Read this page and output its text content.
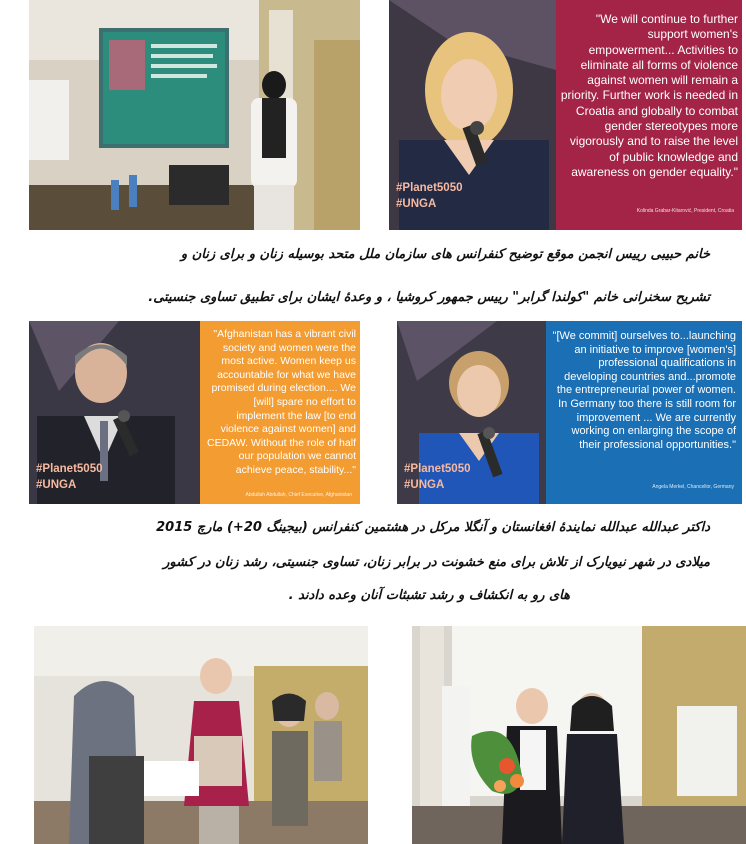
"We will continue to further support women's empowerment... Activities to eliminate all forms of violence against women will remain a priority. Further work is needed in Croatia and globally to combat gender stereotypes more vigorously and to raise the level of public knowledge and awareness on gender equality."
Kolinda Grabar-Kitarović, President, Croatia
#Planet5050
#UNGA
خانم حبیبی رییس انجمن موقع توضیح کنفرانس های سازمان ملل متحد بوسیله زنان و برای زنان و
تشریح سخنرانی خانم "کولندا گرابر" رییس جمهور کروشیا ، و وعدهٔ ایشان برای تطبیق تساوی جنسیتی.
"Afghanistan has a vibrant civil society and women were the most active. Women keep us accountable for what we have promised during election.... We [will] spare no effort to implement the law [to end violence against women] and CEDAW. Without the role of half our population we cannot achieve peace, stability..."
Abdullah Abdullah, Chief Executive, Afghanistan
#Planet5050
#UNGA
"[We commit] ourselves to...launching an initiative to improve [women's] professional qualifications in developing countries and...promote the entrepreneurial power of women. In Germany too there is still room for improvement ... We are currently working on enlarging the scope of their professional opportunities."
Angela Merkel, Chancellor, Germany
#Planet5050
#UNGA
داکتر عبدالله عبدالله نمایندهٔ افغانستان و آنگلا مرکل در هشتمین کنفرانس (بیجینگ 20+) مارچ 2015
میلادی در شهر نیویارک از تلاش برای منع خشونت در برابر زنان، تساوی جنسیتی، رشد زنان در کشور
های رو به انکشاف و رشد تشبثات آنان وعده دادند .
